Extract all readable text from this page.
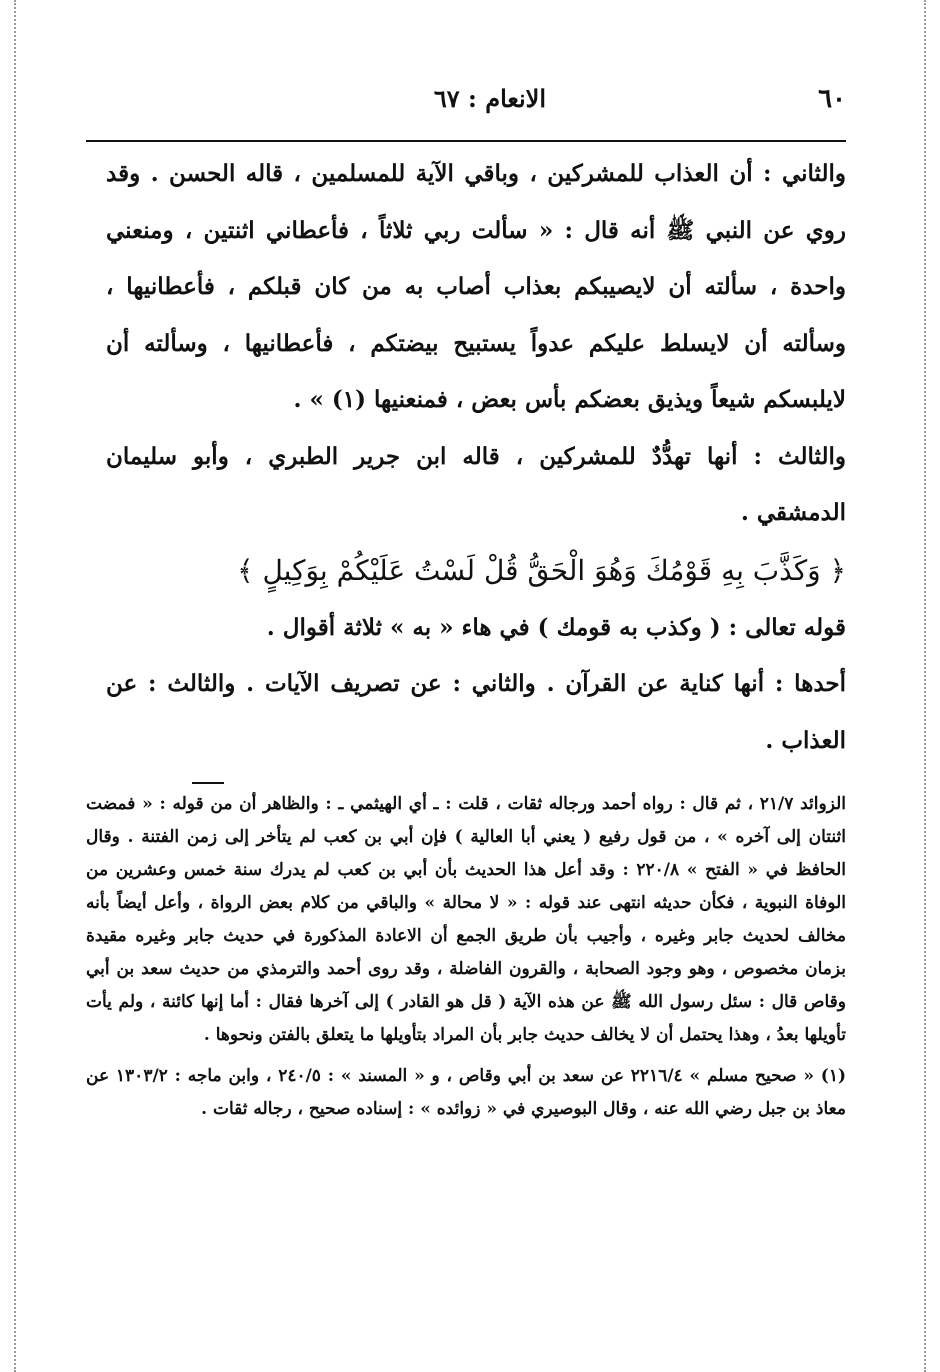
٦٠
الانعام : ٦٧

والثاني : أن العذاب للمشركين ، وباقي الآية للمسلمين ، قاله الحسن . وقد روي عن النبي ﷺ أنه قال : « سألت ربي ثلاثاً ، فأعطاني اثنتين ، ومنعني واحدة ، سألته أن لايصيبكم بعذاب أصاب به من كان قبلكم ، فأعطانيها ، وسألته أن لايسلط عليكم عدواً يستبيح بيضتكم ، فأعطانيها ، وسألته أن لايلبسكم شيعاً ويذيق بعضكم بأس بعض ، فمنعنيها (١) » .

والثالث : أنها تهدُّدٌ للمشركين ، قاله ابن جرير الطبري ، وأبو سليمان الدمشقي .

﴿ وَكَذَّبَ بِهِ قَوْمُكَ وَهُوَ الْحَقُّ قُلْ لَسْتُ عَلَيْكُمْ بِوَكِيلٍ ﴾

قوله تعالى : ( وكذب به قومك ) في هاء « به » ثلاثة أقوال .

أحدها : أنها كناية عن القرآن . والثاني : عن تصريف الآيات . والثالث : عن العذاب .

الزوائد ٢١/٧ ، ثم قال : رواه أحمد ورجاله ثقات ، قلت : ـ أي الهيثمي ـ : والظاهر أن من قوله : « فمضت اثنتان إلى آخره » ، من قول رفيع ( يعني أبا العالية ) فإن أبي بن كعب لم يتأخر إلى زمن الفتنة . وقال الحافظ في « الفتح » ٢٢٠/٨ : وقد أعل هذا الحديث بأن أبي بن كعب لم يدرك سنة خمس وعشرين من الوفاة النبوية ، فكأن حديثه انتهى عند قوله : « لا محالة » والباقي من كلام بعض الرواة ، وأعل أيضاً بأنه مخالف لحديث جابر وغيره ، وأجيب بأن طريق الجمع أن الاعادة المذكورة في حديث جابر وغيره مقيدة بزمان مخصوص ، وهو وجود الصحابة ، والقرون الفاضلة ، وقد روى أحمد والترمذي من حديث سعد بن أبي وقاص قال : سئل رسول الله ﷺ عن هذه الآية ( قل هو القادر ) إلى آخرها فقال : أما إنها كائنة ، ولم يأت تأويلها بعدُ ، وهذا يحتمل أن لا يخالف حديث جابر بأن المراد بتأويلها ما يتعلق بالفتن ونحوها .

(١) « صحيح مسلم » ٢٢١٦/٤ عن سعد بن أبي وقاص ، و « المسند » : ٢٤٠/٥ ، وابن ماجه : ١٣٠٣/٢ عن معاذ بن جبل رضي الله عنه ، وقال البوصيري في « زوائده » : إسناده صحيح ، رجاله ثقات .
